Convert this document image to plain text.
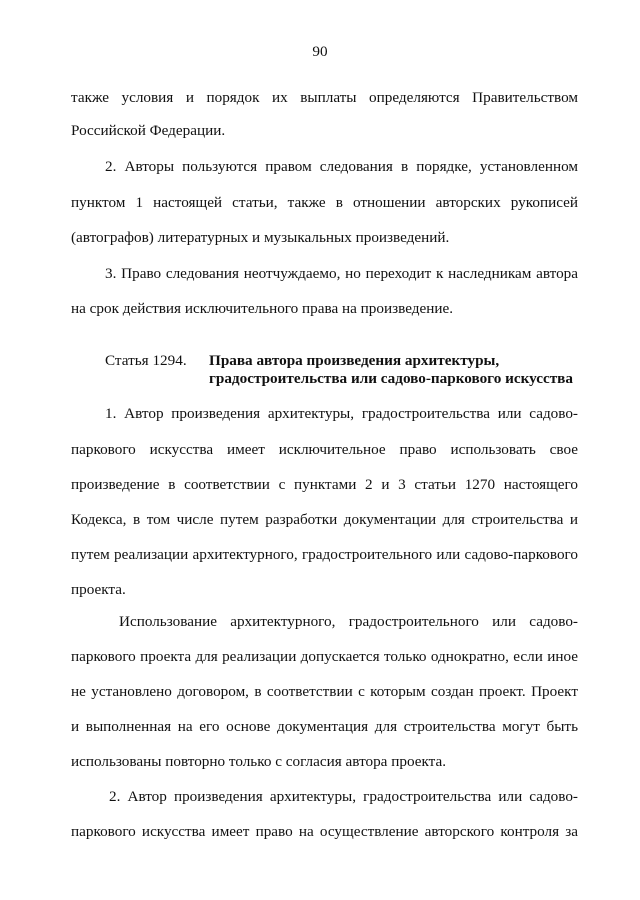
90
также условия и порядок их выплаты определяются Правительством
Российской Федерации.
2. Авторы пользуются правом следования в порядке, установленном
пунктом 1 настоящей статьи, также в отношении авторских рукописей
(автографов) литературных и музыкальных произведений.
3. Право следования неотчуждаемо, но переходит к наследникам автора
на срок действия исключительного права на произведение.
Статья 1294. Права автора произведения архитектуры,
градостроительства или садово-паркового искусства
1. Автор произведения архитектуры, градостроительства или садово-
паркового искусства имеет исключительное право использовать свое
произведение в соответствии с пунктами 2 и 3 статьи 1270 настоящего
Кодекса, в том числе путем разработки документации для строительства и
путем реализации архитектурного, градостроительного или садово-паркового
проекта.
Использование архитектурного, градостроительного или садово-
паркового проекта для реализации допускается только однократно, если иное
не установлено договором, в соответствии с которым создан проект. Проект
и выполненная на его основе документация для строительства могут быть
использованы повторно только с согласия автора проекта.
2. Автор произведения архитектуры, градостроительства или садово-
паркового искусства имеет право на осуществление авторского контроля за
